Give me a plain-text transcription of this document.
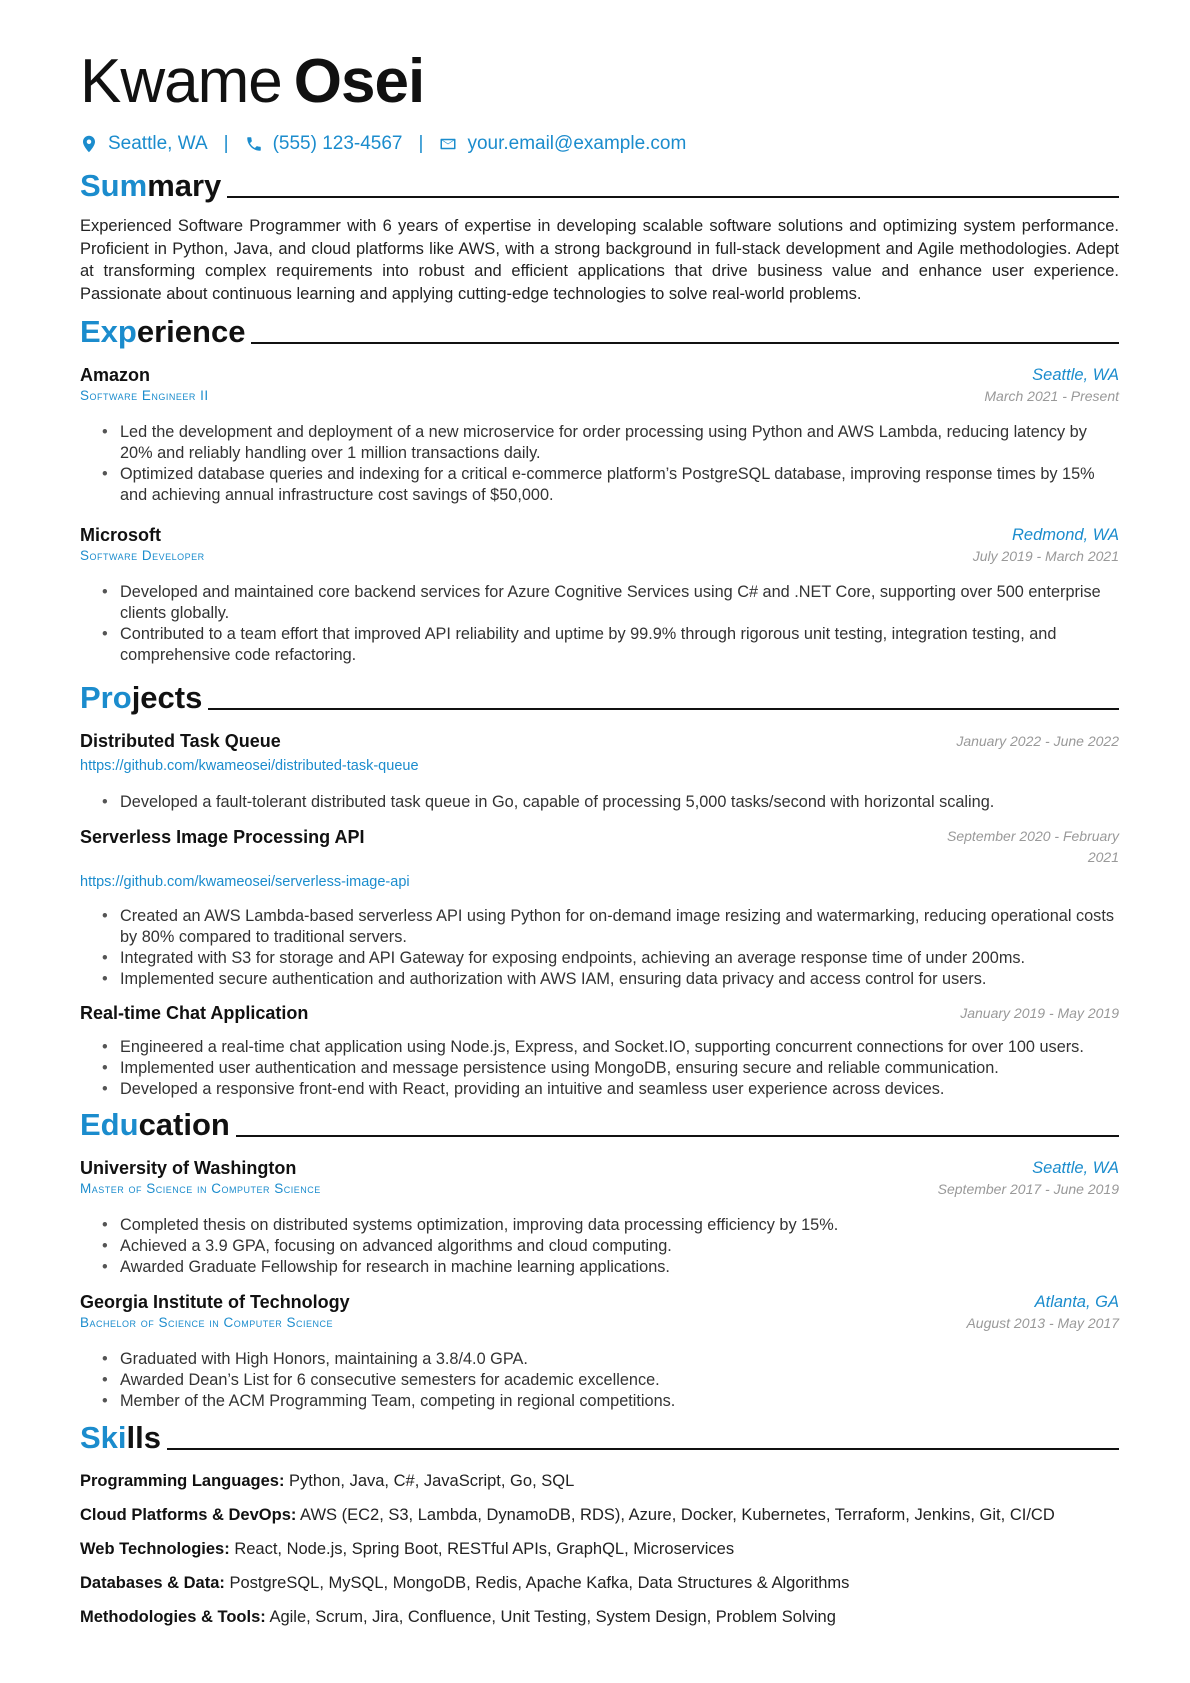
Kwame Osei
Seattle, WA | (555) 123-4567 | your.email@example.com
Summary
Experienced Software Programmer with 6 years of expertise in developing scalable software solutions and optimizing system performance. Proficient in Python, Java, and cloud platforms like AWS, with a strong background in full-stack development and Agile methodologies. Adept at transforming complex requirements into robust and efficient applications that drive business value and enhance user experience. Passionate about continuous learning and applying cutting-edge technologies to solve real-world problems.
Experience
Amazon	Seattle, WA
Software Engineer II	March 2021 - Present
• Led the development and deployment of a new microservice for order processing using Python and AWS Lambda, reducing latency by 20% and reliably handling over 1 million transactions daily.
• Optimized database queries and indexing for a critical e-commerce platform’s PostgreSQL database, improving response times by 15% and achieving annual infrastructure cost savings of $50,000.
Microsoft	Redmond, WA
Software Developer	July 2019 - March 2021
• Developed and maintained core backend services for Azure Cognitive Services using C# and .NET Core, supporting over 500 enterprise clients globally.
• Contributed to a team effort that improved API reliability and uptime by 99.9% through rigorous unit testing, integration testing, and comprehensive code refactoring.
Projects
Distributed Task Queue	January 2022 - June 2022
https://github.com/kwameosei/distributed-task-queue
• Developed a fault-tolerant distributed task queue in Go, capable of processing 5,000 tasks/second with horizontal scaling.
Serverless Image Processing API	September 2020 - February
2021
https://github.com/kwameosei/serverless-image-api
• Created an AWS Lambda-based serverless API using Python for on-demand image resizing and watermarking, reducing operational costs by 80% compared to traditional servers.
• Integrated with S3 for storage and API Gateway for exposing endpoints, achieving an average response time of under 200ms.
• Implemented secure authentication and authorization with AWS IAM, ensuring data privacy and access control for users.
Real-time Chat Application	January 2019 - May 2019
• Engineered a real-time chat application using Node.js, Express, and Socket.IO, supporting concurrent connections for over 100 users.
• Implemented user authentication and message persistence using MongoDB, ensuring secure and reliable communication.
• Developed a responsive front-end with React, providing an intuitive and seamless user experience across devices.
Education
University of Washington	Seattle, WA
Master of Science in Computer Science	September 2017 - June 2019
• Completed thesis on distributed systems optimization, improving data processing efficiency by 15%.
• Achieved a 3.9 GPA, focusing on advanced algorithms and cloud computing.
• Awarded Graduate Fellowship for research in machine learning applications.
Georgia Institute of Technology	Atlanta, GA
Bachelor of Science in Computer Science	August 2013 - May 2017
• Graduated with High Honors, maintaining a 3.8/4.0 GPA.
• Awarded Dean’s List for 6 consecutive semesters for academic excellence.
• Member of the ACM Programming Team, competing in regional competitions.
Skills
Programming Languages: Python, Java, C#, JavaScript, Go, SQL
Cloud Platforms & DevOps: AWS (EC2, S3, Lambda, DynamoDB, RDS), Azure, Docker, Kubernetes, Terraform, Jenkins, Git, CI/CD
Web Technologies: React, Node.js, Spring Boot, RESTful APIs, GraphQL, Microservices
Databases & Data: PostgreSQL, MySQL, MongoDB, Redis, Apache Kafka, Data Structures & Algorithms
Methodologies & Tools: Agile, Scrum, Jira, Confluence, Unit Testing, System Design, Problem Solving
